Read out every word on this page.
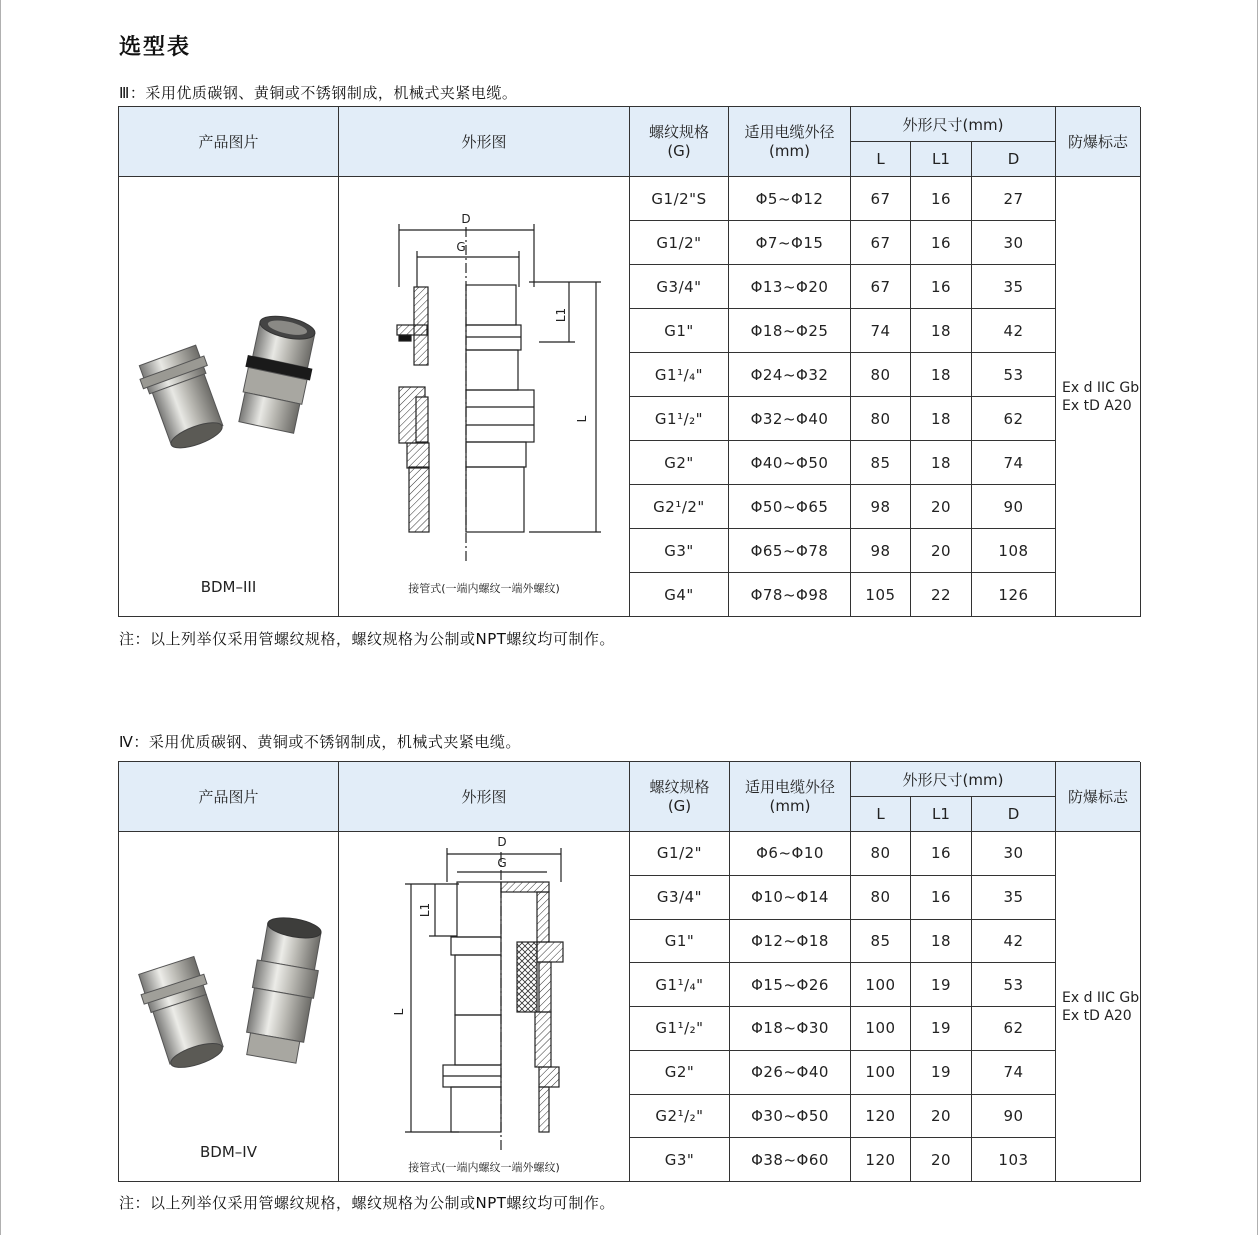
选型表
Ⅲ：采用优质碳钢、黄铜或不锈钢制成，机械式夹紧电缆。
产品图片	外形图
螺纹规格
(G)
适用电缆外径
(mm)
外形尺寸(mm)
防爆标志
L	L1	D
BDM–III
D
G
L1
L
接管式(一端内螺纹一端外螺纹)
Ex d IIC Gb
Ex tD A20
G1/2"S	Φ5~Φ12	67	16	27
G1/2"	Φ7~Φ15	67	16	30
G3/4"	Φ13~Φ20	67	16	35
G1"	Φ18~Φ25	74	18	42
G1¹/₄"	Φ24~Φ32	80	18	53
G1¹/₂"	Φ32~Φ40	80	18	62
G2"	Φ40~Φ50	85	18	74
G2¹/2"	Φ50~Φ65	98	20	90
G3"	Φ65~Φ78	98	20	108
G4"	Φ78~Φ98	105	22	126
注：以上列举仅采用管螺纹规格，螺纹规格为公制或NPT螺纹均可制作。
Ⅳ：采用优质碳钢、黄铜或不锈钢制成，机械式夹紧电缆。
产品图片	外形图
螺纹规格
(G)
适用电缆外径
(mm)
外形尺寸(mm)
防爆标志
L	L1	D
BDM–IV
D
G
L1
L
接管式(一端内螺纹一端外螺纹)
Ex d IIC Gb
Ex tD A20
G1/2"	Φ6~Φ10	80	16	30
G3/4"	Φ10~Φ14	80	16	35
G1"	Φ12~Φ18	85	18	42
G1¹/₄"	Φ15~Φ26	100	19	53
G1¹/₂"	Φ18~Φ30	100	19	62
G2"	Φ26~Φ40	100	19	74
G2¹/₂"	Φ30~Φ50	120	20	90
G3"	Φ38~Φ60	120	20	103
注：以上列举仅采用管螺纹规格，螺纹规格为公制或NPT螺纹均可制作。
